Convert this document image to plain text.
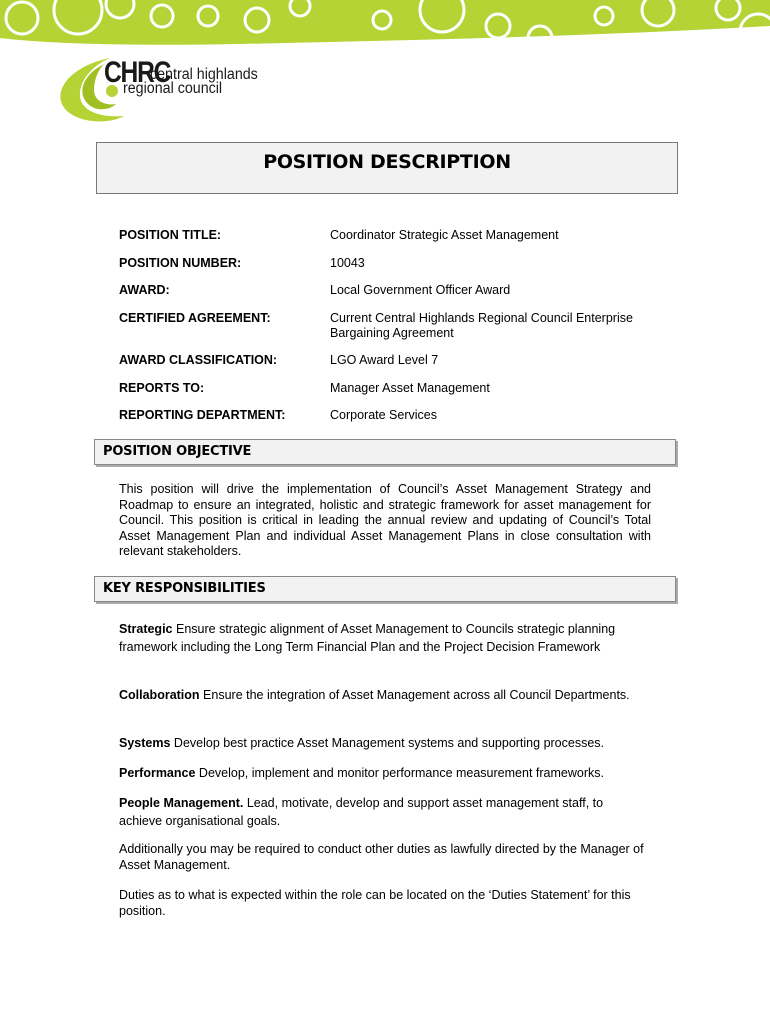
CHRC
central highlands
regional council
POSITION DESCRIPTION
POSITION TITLE:	Coordinator Strategic Asset Management
POSITION NUMBER:	10043
AWARD:	Local Government Officer Award
CERTIFIED AGREEMENT:	Current Central Highlands Regional Council Enterprise Bargaining Agreement
AWARD CLASSIFICATION:	LGO Award Level 7
REPORTS TO:	Manager Asset Management
REPORTING DEPARTMENT:	Corporate Services
POSITION OBJECTIVE
This position will drive the implementation of Council’s Asset Management Strategy and Roadmap to ensure an integrated, holistic and strategic framework for asset management for Council. This position is critical in leading the annual review and updating of Council’s Total Asset Management Plan and individual Asset Management Plans in close consultation with relevant stakeholders.
KEY RESPONSIBILITIES
Strategic Ensure strategic alignment of Asset Management to Councils strategic planning framework including the Long Term Financial Plan and the Project Decision Framework
Collaboration Ensure the integration of Asset Management across all Council Departments.
Systems Develop best practice Asset Management systems and supporting processes.
Performance Develop, implement and monitor performance measurement frameworks.
People Management. Lead, motivate, develop and support asset management staff, to achieve organisational goals.
Additionally you may be required to conduct other duties as lawfully directed by the Manager of Asset Management.
Duties as to what is expected within the role can be located on the ‘Duties Statement’ for this position.
